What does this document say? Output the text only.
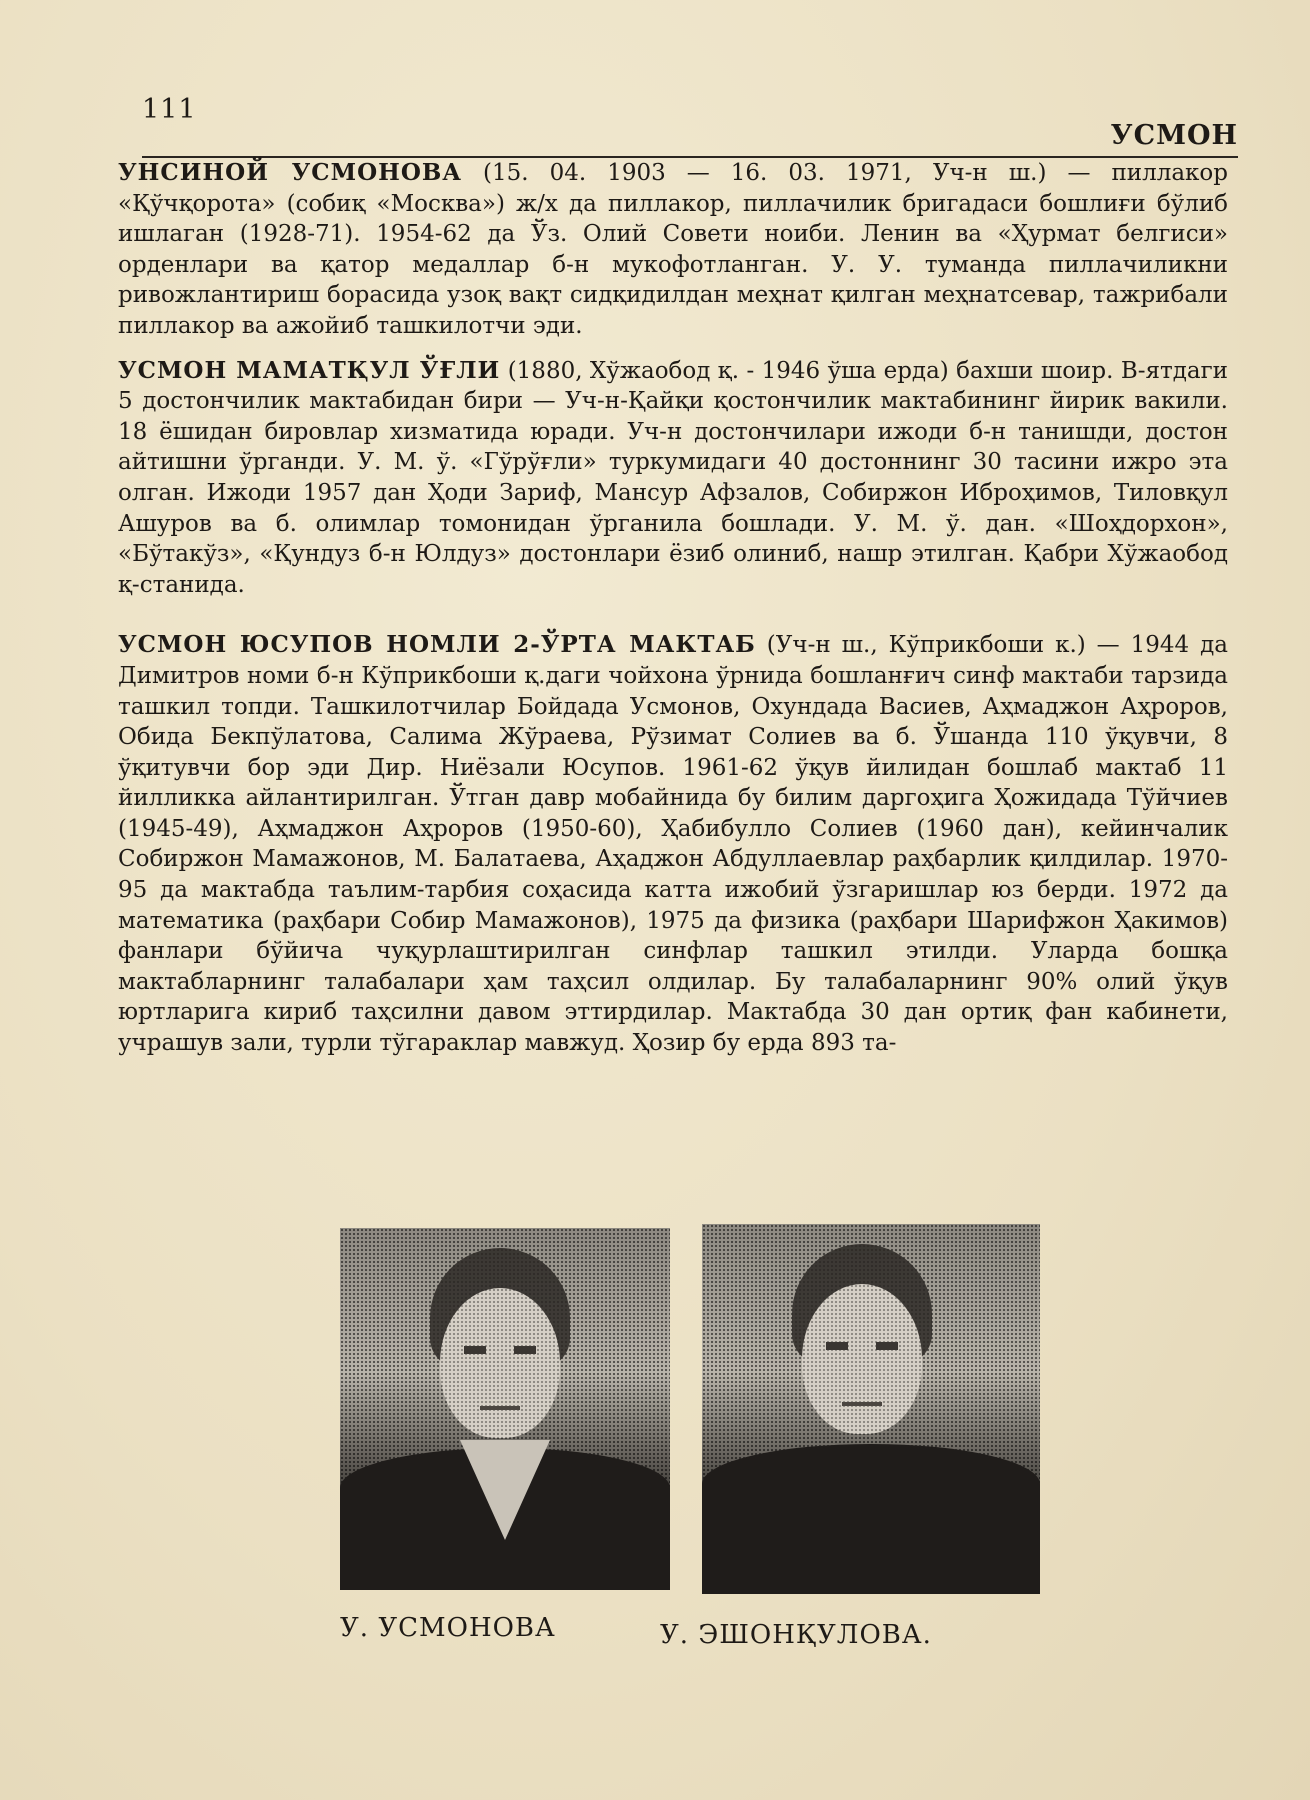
111
УСМОН

УНСИНОЙ УСМОНОВА (15. 04. 1903 — 16. 03. 1971, Уч-н ш.) — пиллакор «Қўчқорота» (собиқ «Москва») ж/х да пиллакор, пиллачилик бригадаси бошлиғи бўлиб ишлаган (1928-71). 1954-62 да Ўз. Олий Совети ноиби. Ленин ва «Ҳурмат белгиси» орденлари ва қатор медаллар б-н мукофотланган. У. У. туманда пиллачиликни ривожлантириш борасида узоқ вақт сидқидилдан меҳнат қилган меҳнатсевар, тажрибали пиллакор ва ажойиб ташкилотчи эди.

УСМОН МАМАТҚУЛ ЎҒЛИ (1880, Хўжаобод қ. - 1946 ўша ерда) бахши шоир. В-ятдаги 5 достончилик мактабидан бири — Уч-н-Қайқи қостончилик мактабининг йирик вакили. 18 ёшидан бировлар хизматида юради. Уч-н достончилари ижоди б-н танишди, достон айтишни ўрганди. У. М. ў. «Гўрўғли» туркумидаги 40 достоннинг 30 тасини ижро эта олган. Ижоди 1957 дан Ҳоди Зариф, Мансур Афзалов, Собиржон Иброҳимов, Тиловқул Ашуров ва б. олимлар томонидан ўрганила бошлади. У. М. ў. дан. «Шоҳдорхон», «Бўтакўз», «Қундуз б-н Юлдуз» достонлари ёзиб олиниб, нашр этилган. Қабри Хўжаобод қ-станида.

УСМОН ЮСУПОВ НОМЛИ 2-ЎРТА МАКТАБ (Уч-н ш., Кўприкбоши к.) — 1944 да Димитров номи б-н Кўприкбоши қ.даги чойхона ўрнида бошланғич синф мактаби тарзида ташкил топди. Ташкилотчилар Бойдада Усмонов, Охундада Васиев, Аҳмаджон Аҳроров, Обида Бекпўлатова, Салима Жўраева, Рўзимат Солиев ва б. Ўшанда 110 ўқувчи, 8 ўқитувчи бор эди Дир. Ниёзали Юсупов. 1961-62 ўқув йилидан бошлаб мактаб 11 йилликка айлантирилган. Ўтган давр мобайнида бу билим даргоҳига Ҳожидада Тўйчиев (1945-49), Аҳмаджон Аҳроров (1950-60), Ҳабибулло Солиев (1960 дан), кейинчалик Собиржон Мамажонов, М. Балатаева, Аҳаджон Абдуллаевлар раҳбарлик қилдилар. 1970-95 да мактабда таълим-тарбия соҳасида катта ижобий ўзгаришлар юз берди. 1972 да математика (раҳбари Собир Мамажонов), 1975 да физика (раҳбари Шарифжон Ҳакимов) фанлари бўйича чуқурлаштирилган синфлар ташкил этилди. Уларда бошқа мактабларнинг талабалари ҳам таҳсил олдилар. Бу талабаларнинг 90% олий ўқув юртларига кириб таҳсилни давом эттирдилар. Мактабда 30 дан ортиқ фан кабинети, учрашув зали, турли тўгараклар мавжуд. Ҳозир бу ерда 893 та-

У. УСМОНОВА	У. ЭШОНҚУЛОВА.
